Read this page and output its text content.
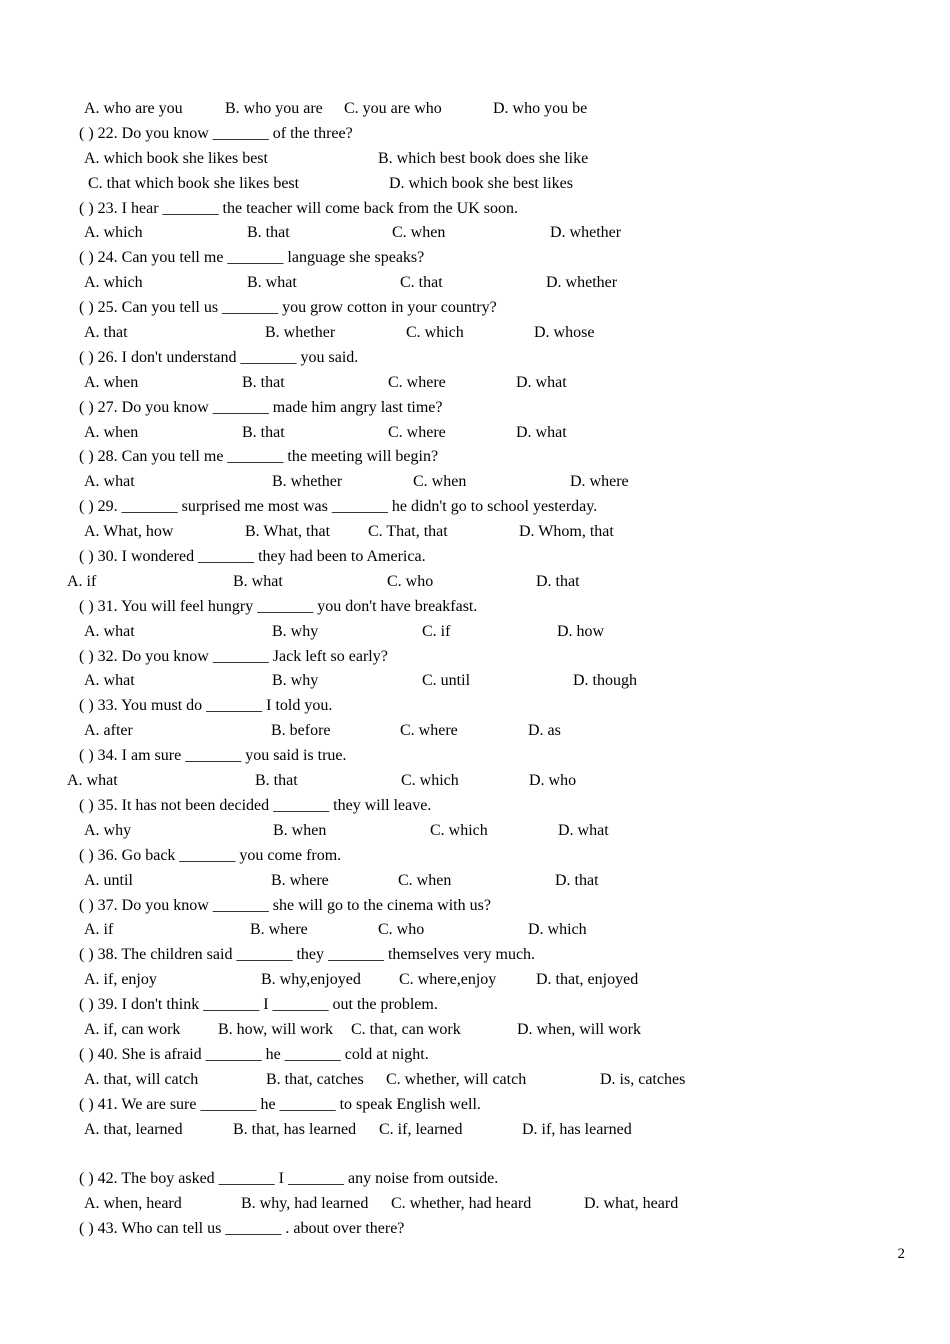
A. who are you	B. who you are C. you are who	D. who you be
( ) 22. Do you know _______ of the three?
A. which book she likes best	B. which best book does she like
C. that which book she likes best	D. which book she best likes
( ) 23. I hear _______ the teacher will come back from the UK soon.
A. which	B. that	C. when	D. whether
( ) 24. Can you tell me _______ language she speaks?
A. which	B. what	C. that	D. whether
( ) 25. Can you tell us _______ you grow cotton in your country?
A. that	B. whether	C. which	D. whose
( ) 26. I don't understand _______ you said.
A. when	B. that	C. where	D. what
( ) 27. Do you know _______ made him angry last time?
A. when	B. that	C. where	D. what
( ) 28. Can you tell me _______ the meeting will begin?
A. what	B. whether	C. when	D. where
( ) 29. _______ surprised me most was _______ he didn't go to school yesterday.
A. What, how	B. What, that C. That, that	D. Whom, that
( ) 30. I wondered _______ they had been to America.
A. if	B. what	C. who	D. that
( ) 31. You will feel hungry _______ you don't have breakfast.
A. what	B. why	C. if	D. how
( ) 32. Do you know _______ Jack left so early?
A. what	B. why	C. until	D. though
( ) 33. You must do _______ I told you.
A. after	B. before	C. where	D. as
( ) 34. I am sure _______ you said is true.
A. what	B. that	C. which	D. who
( ) 35. It has not been decided _______ they will leave.
A. why	B. when	C. which	D. what
( ) 36. Go back _______ you come from.
A. until	B. where	C. when	D. that
( ) 37. Do you know _______ she will go to the cinema with us?
A. if	B. where	C. who	D. which
( ) 38. The children said _______ they _______ themselves very much.
A. if, enjoy	B. why,enjoyed C. where,enjoy D. that, enjoyed
( ) 39. I don't think _______ I _______ out the problem.
A. if, can work B. how, will work C. that, can work	D. when, will work
( ) 40. She is afraid _______ he _______ cold at night.
A. that, will catch	B. that, catches C. whether, will catch	D. is, catches
( ) 41. We are sure _______ he _______ to speak English well.
A. that, learned	B. that, has learned C. if, learned	D. if, has learned
( ) 42. The boy asked _______ I _______ any noise from outside.
A. when, heard	B. why, had learned C. whether, had heard	D. what, heard
( ) 43. Who can tell us _______ . about over there?
2
